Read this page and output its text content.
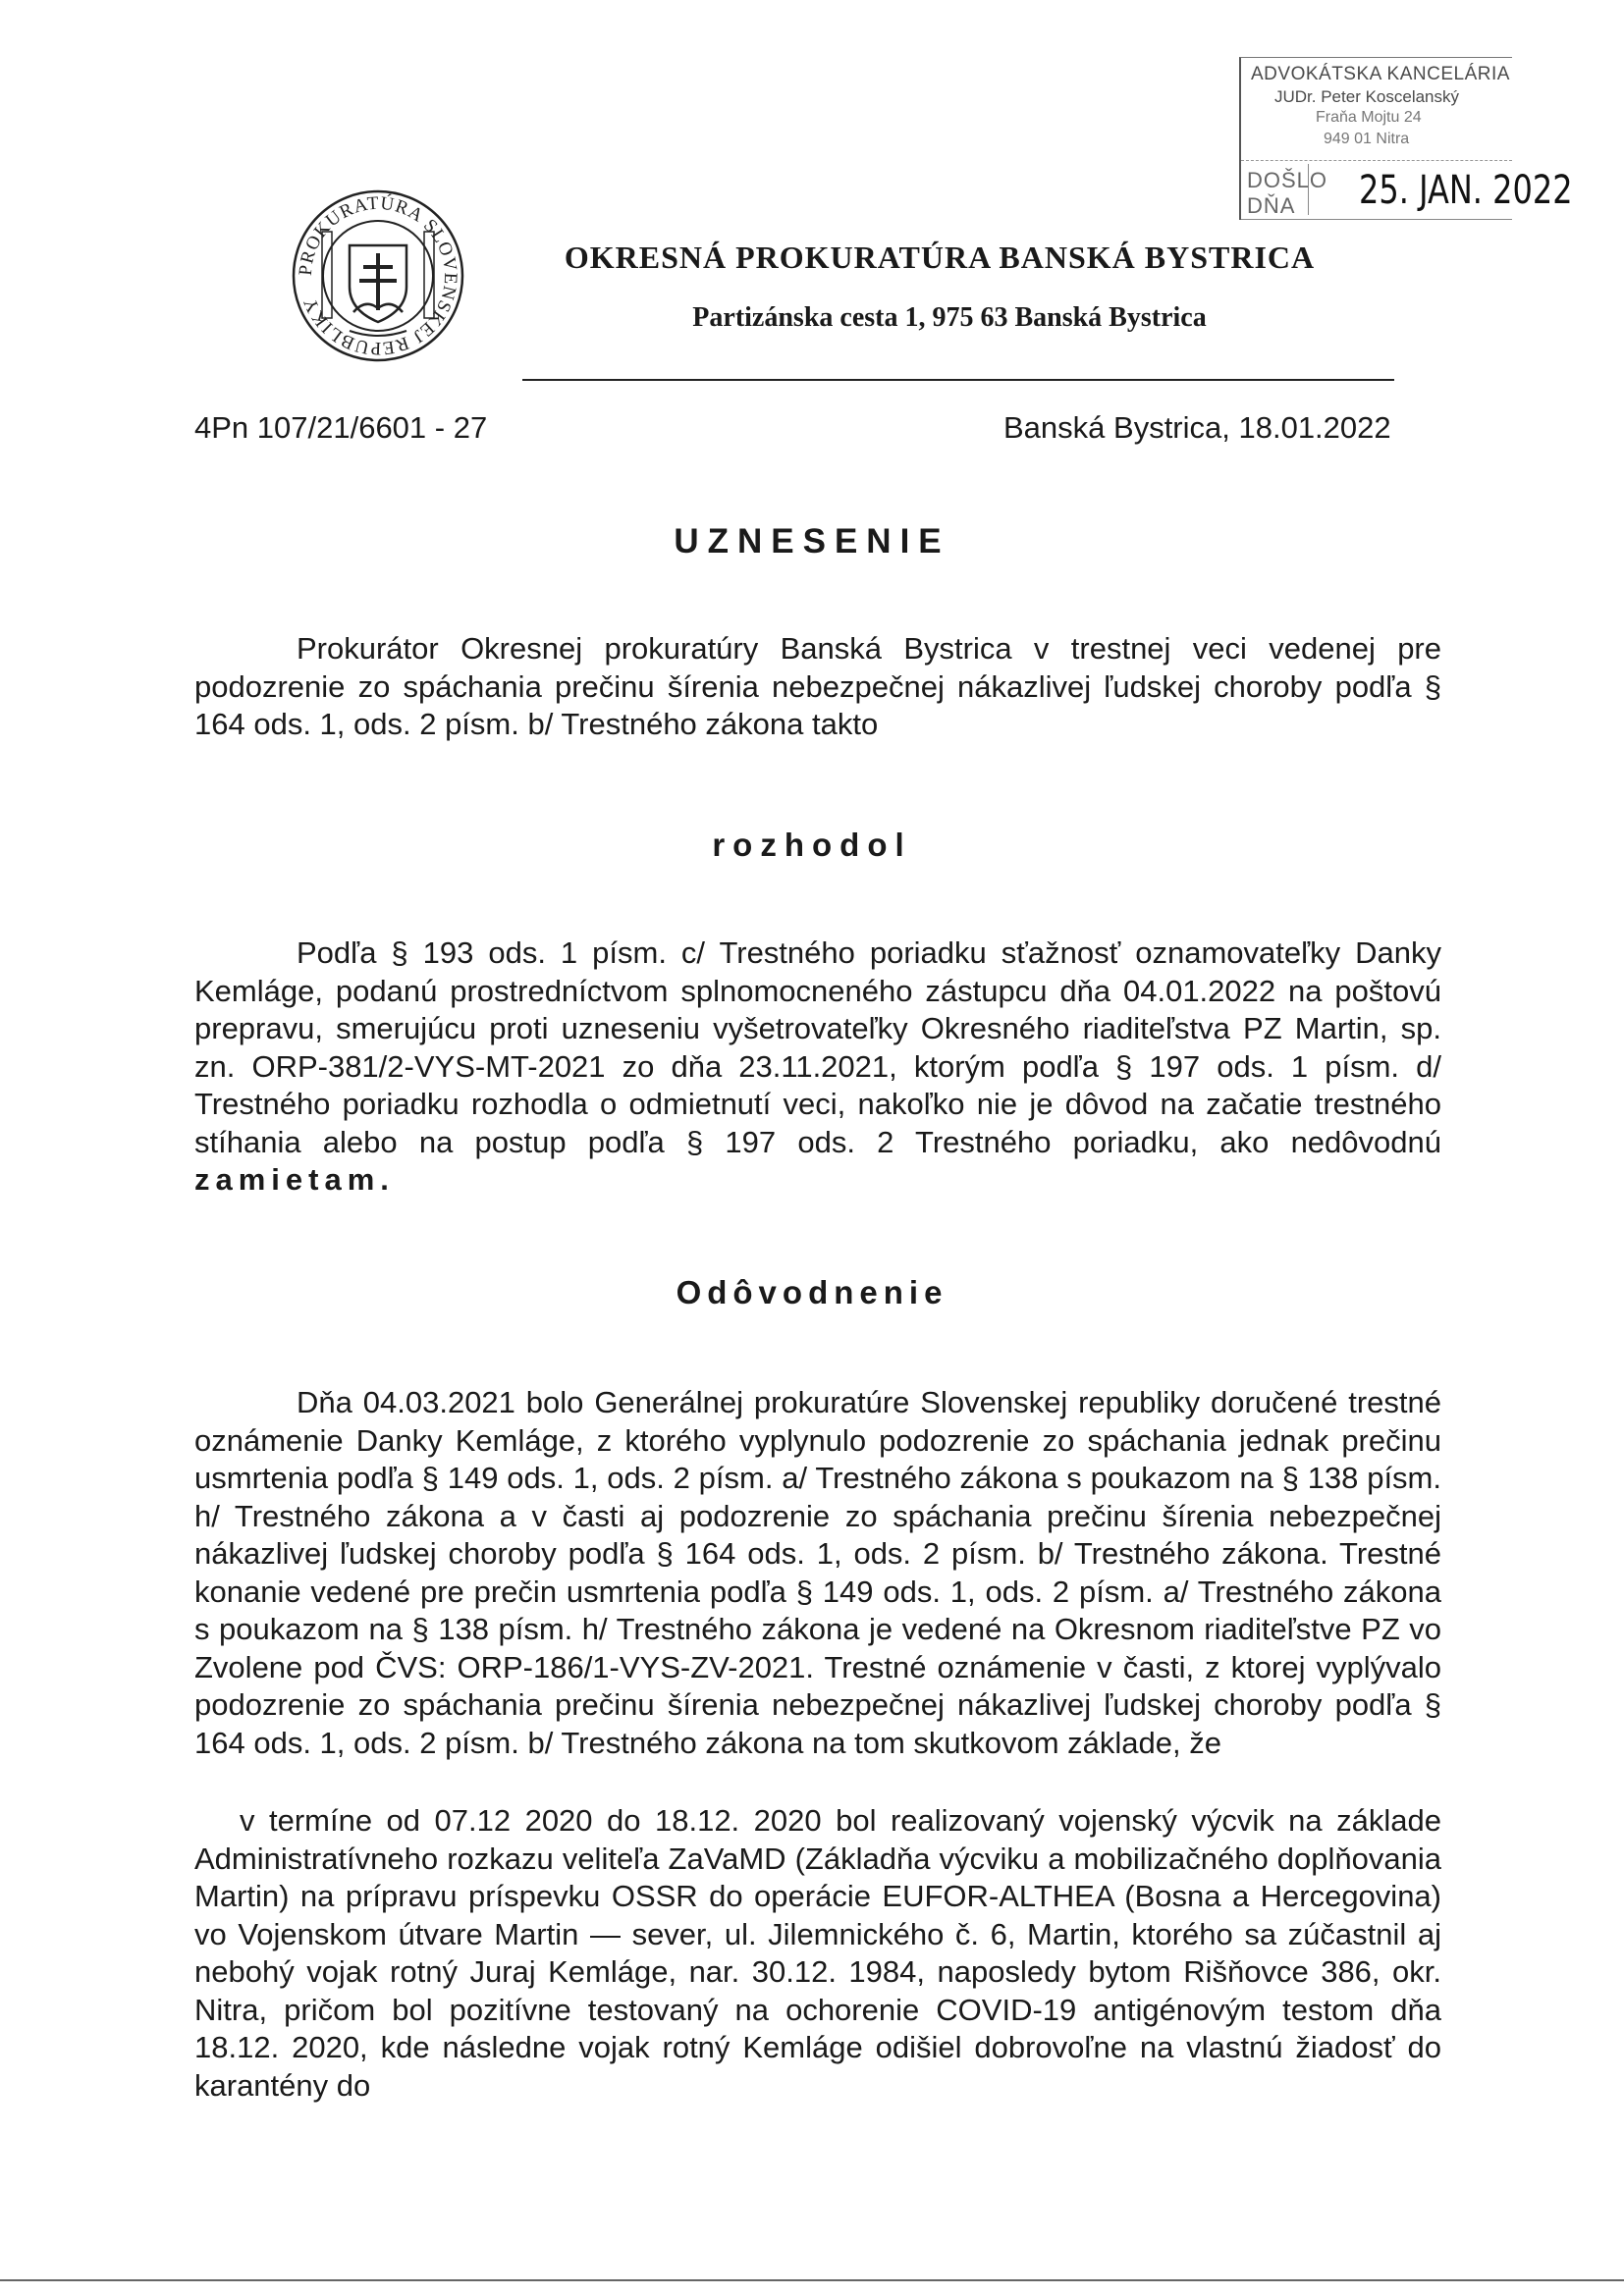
ADVOKÁTSKA KANCELÁRIA
JUDr. Peter Koscelanský
Fraňa Mojtu 24
949 01 Nitra
DOŠLO
DŇA	25. JAN. 2022
PROKURATÚRA SLOVENSKEJ REPUBLIKY
OKRESNÁ PROKURATÚRA BANSKÁ BYSTRICA
Partizánska cesta 1, 975 63 Banská Bystrica
4Pn 107/21/6601 - 27	Banská Bystrica, 18.01.2022
UZNESENIE

Prokurátor Okresnej prokuratúry Banská Bystrica v trestnej veci vedenej pre podozrenie zo spáchania prečinu šírenia nebezpečnej nákazlivej ľudskej choroby podľa § 164 ods. 1, ods. 2 písm. b/ Trestného zákona takto

rozhodol

Podľa § 193 ods. 1 písm. c/ Trestného poriadku sťažnosť oznamovateľky Danky Kemláge, podanú prostredníctvom splnomocneného zástupcu dňa 04.01.2022 na poštovú prepravu, smerujúcu proti uzneseniu vyšetrovateľky Okresného riaditeľstva PZ Martin, sp. zn. ORP-381/2-VYS-MT-2021 zo dňa 23.11.2021, ktorým podľa § 197 ods. 1 písm. d/ Trestného poriadku rozhodla o odmietnutí veci, nakoľko nie je dôvod na začatie trestného stíhania alebo na postup podľa § 197 ods. 2 Trestného poriadku, ako nedôvodnú zamietam.

Odôvodnenie

Dňa 04.03.2021 bolo Generálnej prokuratúre Slovenskej republiky doručené trestné oznámenie Danky Kemláge, z ktorého vyplynulo podozrenie zo spáchania jednak prečinu usmrtenia podľa § 149 ods. 1, ods. 2 písm. a/ Trestného zákona s poukazom na § 138 písm. h/ Trestného zákona a v časti aj podozrenie zo spáchania prečinu šírenia nebezpečnej nákazlivej ľudskej choroby podľa § 164 ods. 1, ods. 2 písm. b/ Trestného zákona. Trestné konanie vedené pre prečin usmrtenia podľa § 149 ods. 1, ods. 2 písm. a/ Trestného zákona s poukazom na § 138 písm. h/ Trestného zákona je vedené na Okresnom riaditeľstve PZ vo Zvolene pod ČVS: ORP-186/1-VYS-ZV-2021. Trestné oznámenie v časti, z ktorej vyplývalo podozrenie zo spáchania prečinu šírenia nebezpečnej nákazlivej ľudskej choroby podľa § 164 ods. 1, ods. 2 písm. b/ Trestného zákona na tom skutkovom základe, že

v termíne od 07.12 2020 do 18.12. 2020 bol realizovaný vojenský výcvik na základe Administratívneho rozkazu veliteľa ZaVaMD (Základňa výcviku a mobilizačného doplňovania Martin) na prípravu príspevku OSSR do operácie EUFOR-ALTHEA (Bosna a Hercegovina) vo Vojenskom útvare Martin — sever, ul. Jilemnického č. 6, Martin, ktorého sa zúčastnil aj nebohý vojak rotný Juraj Kemláge, nar. 30.12. 1984, naposledy bytom Rišňovce 386, okr. Nitra, pričom bol pozitívne testovaný na ochorenie COVID-19 antigénovým testom dňa 18.12. 2020, kde následne vojak rotný Kemláge odišiel dobrovoľne na vlastnú žiadosť do karantény do
